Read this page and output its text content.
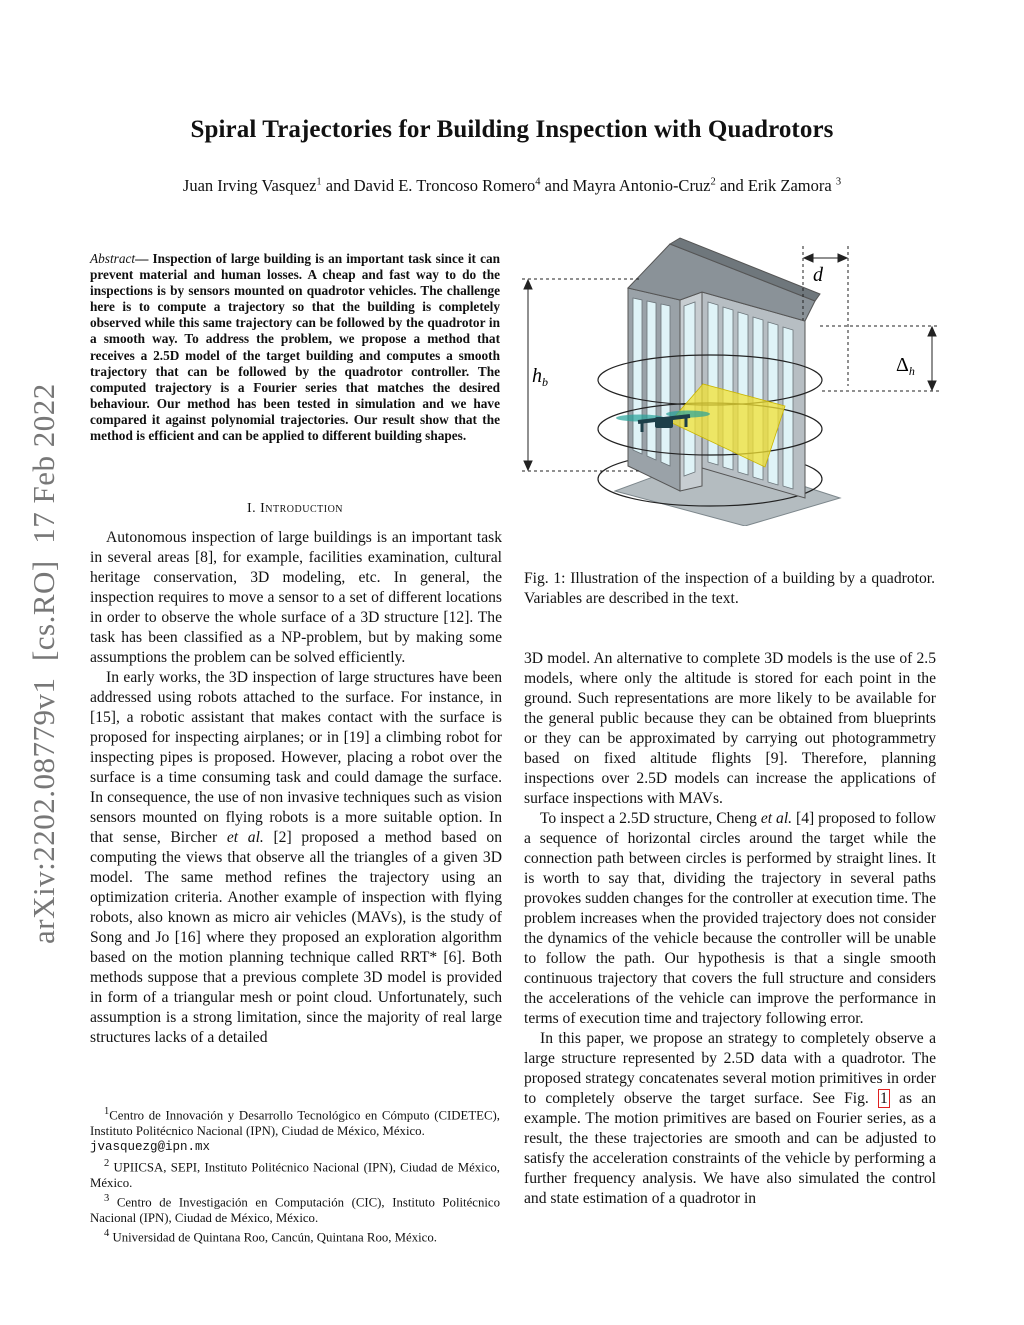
Spiral Trajectories for Building Inspection with Quadrotors
Juan Irving Vasquez$^1$ and David E. Troncoso Romero$^4$ and Mayra Antonio-Cruz$^2$ and Erik Zamora $^3$
arXiv:2202.08779v1  [cs.RO]  17 Feb 2022
Abstract— Inspection of large building is an important task since it can prevent material and human losses. A cheap and fast way to do the inspections is by sensors mounted on quadrotor vehicles. The challenge here is to compute a trajectory so that the building is completely observed while this same trajectory can be followed by the quadrotor in a smooth way. To address the problem, we propose a method that receives a 2.5D model of the target building and computes a smooth trajectory that can be followed by the quadrotor controller. The computed trajectory is a Fourier series that matches the desired behaviour. Our method has been tested in simulation and we have compared it against polynomial trajectories. Our result show that the method is efficient and can be applied to different building shapes.
I. Introduction

Autonomous inspection of large buildings is an important task in several areas [8], for example, facilities examination, cultural heritage conservation, 3D modeling, etc. In general, the inspection requires to move a sensor to a set of different locations in order to observe the whole surface of a 3D structure [12]. The task has been classified as a NP-problem, but by making some assumptions the problem can be solved efficiently.

In early works, the 3D inspection of large structures have been addressed using robots attached to the surface. For instance, in [15], a robotic assistant that makes contact with the surface is proposed for inspecting airplanes; or in [19] a climbing robot for inspecting pipes is proposed. However, placing a robot over the surface is a time consuming task and could damage the surface. In consequence, the use of non invasive techniques such as vision sensors mounted on flying robots is a more suitable option. In that sense, Bircher et al. [2] proposed a method based on computing the views that observe all the triangles of a given 3D model. The same method refines the trajectory using an optimization criteria. Another example of inspection with flying robots, also known as micro air vehicles (MAVs), is the study of Song and Jo [16] where they proposed an exploration algorithm based on the motion planning technique called RRT* [6]. Both methods suppose that a previous complete 3D model is provided in form of a triangular mesh or point cloud. Unfortunately, such assumption is a strong limitation, since the majority of real large structures lacks of a detailed

$^1$Centro de Innovación y Desarrollo Tecnológico en Cómputo (CIDETEC), Instituto Politécnico Nacional (IPN), Ciudad de México, México.
jvasquezg@ipn.mx
$^2$ UPIICSA, SEPI, Instituto Politécnico Nacional (IPN), Ciudad de México, México.
$^3$ Centro de Investigación en Computación (CIC), Instituto Politécnico Nacional (IPN), Ciudad de México, México.
$^4$ Universidad de Quintana Roo, Cancún, Quintana Roo, México.
$h_b$
d
$\Delta_h$
Fig. 1: Illustration of the inspection of a building by a quadrotor. Variables are described in the text.

3D model. An alternative to complete 3D models is the use of 2.5 models, where only the altitude is stored for each point in the ground. Such representations are more likely to be available for the general public because they can be obtained from blueprints or they can be approximated by carrying out photogrammetry based on fixed altitude flights [9]. Therefore, planning inspections over 2.5D models can increase the applications of surface inspections with MAVs.

To inspect a 2.5D structure, Cheng et al. [4] proposed to follow a sequence of horizontal circles around the target while the connection path between circles is performed by straight lines. It is worth to say that, dividing the trajectory in several paths provokes sudden changes for the controller at execution time. The problem increases when the provided trajectory does not consider the dynamics of the vehicle because the controller will be unable to follow the path. Our hypothesis is that a single smooth continuous trajectory that covers the full structure and considers the accelerations of the vehicle can improve the performance in terms of execution time and trajectory following error.

In this paper, we propose an strategy to completely observe a large structure represented by 2.5D data with a quadrotor. The proposed strategy concatenates several motion primitives in order to completely observe the target surface. See Fig. 1 as an example. The motion primitives are based on Fourier series, as a result, the these trajectories are smooth and can be adjusted to satisfy the acceleration constraints of the vehicle by performing a further frequency analysis. We have also simulated the control and state estimation of a quadrotor in
